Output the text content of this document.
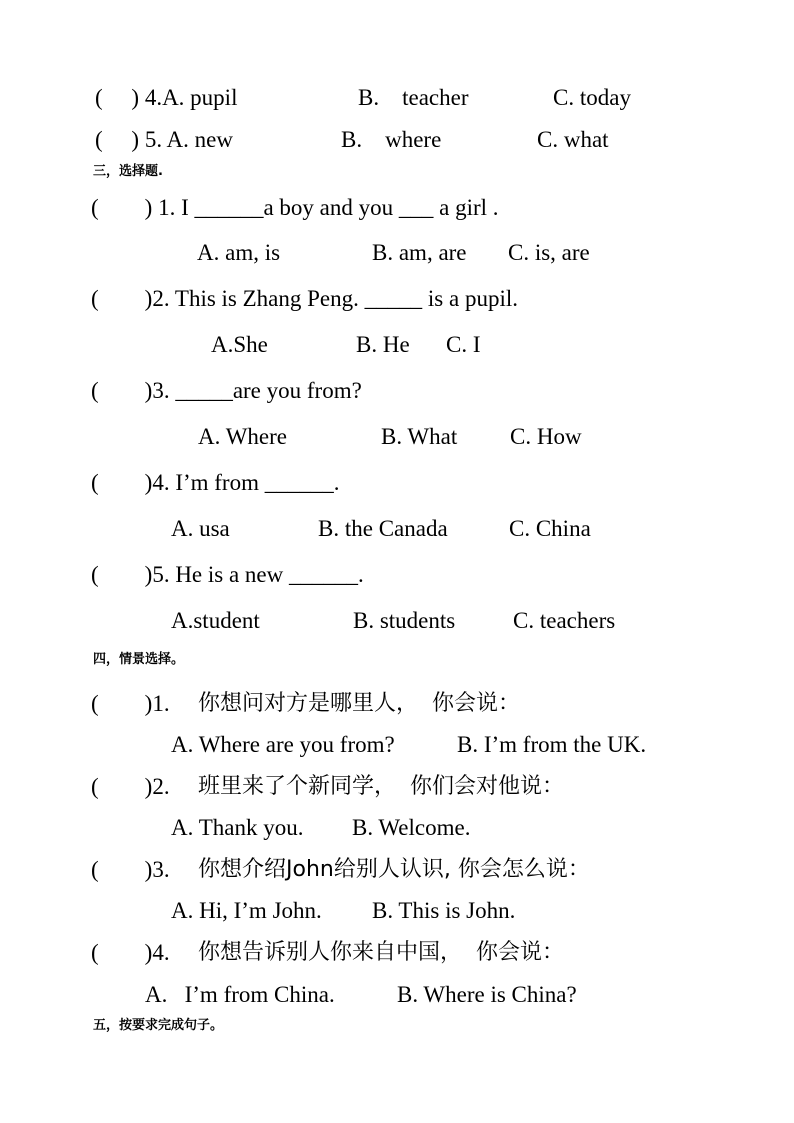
(     ) 4.A. pupil	B.    teacher	C. today
(     ) 5. A. new	B.    where	C. what
三，选择题.
(        ) 1. I ______a boy and you ___ a girl .
A. am, is	B. am, are C. is, are
(        )2. This is Zhang Peng. _____ is a pupil.
A.She	B. He C. I
(        )3. _____are you from?
A. Where	B. What C. How
(        )4. I’m from ______.
A. usa	B. the Canada	C. China
(        )5. He is a new ______.
A.student	B. students	C. teachers
四，情景选择。
(        )1. 你想问对方是哪里人，  你会说：
A. Where are you from?	B. I’m from the UK.
(        )2. 班里来了个新同学，  你们会对他说：
A. Thank you. B. Welcome.
(        )3. 你想介绍John给别人认识, 你会怎么说：
A. Hi, I’m John. B. This is John.
(        )4. 你想告诉别人你来自中国，  你会说：
A.   I’m from China.	B. Where is China?
五，按要求完成句子。
